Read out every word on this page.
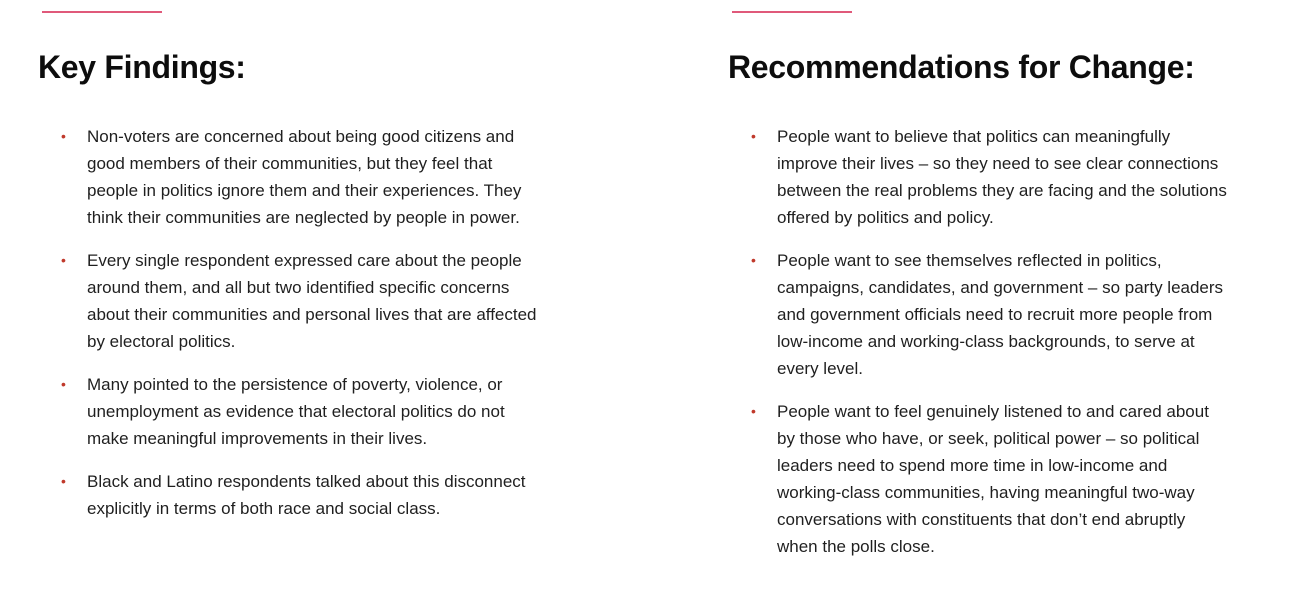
Key Findings:
• Non-voters are concerned about being good citizens and good members of their communities, but they feel that people in politics ignore them and their experiences. They think their communities are neglected by people in power.
• Every single respondent expressed care about the people around them, and all but two identified specific concerns about their communities and personal lives that are affected by electoral politics.
• Many pointed to the persistence of poverty, violence, or unemployment as evidence that electoral politics do not make meaningful improvements in their lives.
• Black and Latino respondents talked about this disconnect explicitly in terms of both race and social class.
Recommendations for Change:
• People want to believe that politics can meaningfully improve their lives – so they need to see clear connections between the real problems they are facing and the solutions offered by politics and policy.
• People want to see themselves reflected in politics, campaigns, candidates, and government – so party leaders and government officials need to recruit more people from low-income and working-class backgrounds, to serve at every level.
• People want to feel genuinely listened to and cared about by those who have, or seek, political power – so political leaders need to spend more time in low-income and working-class communities, having meaningful two-way conversations with constituents that don’t end abruptly when the polls close.
